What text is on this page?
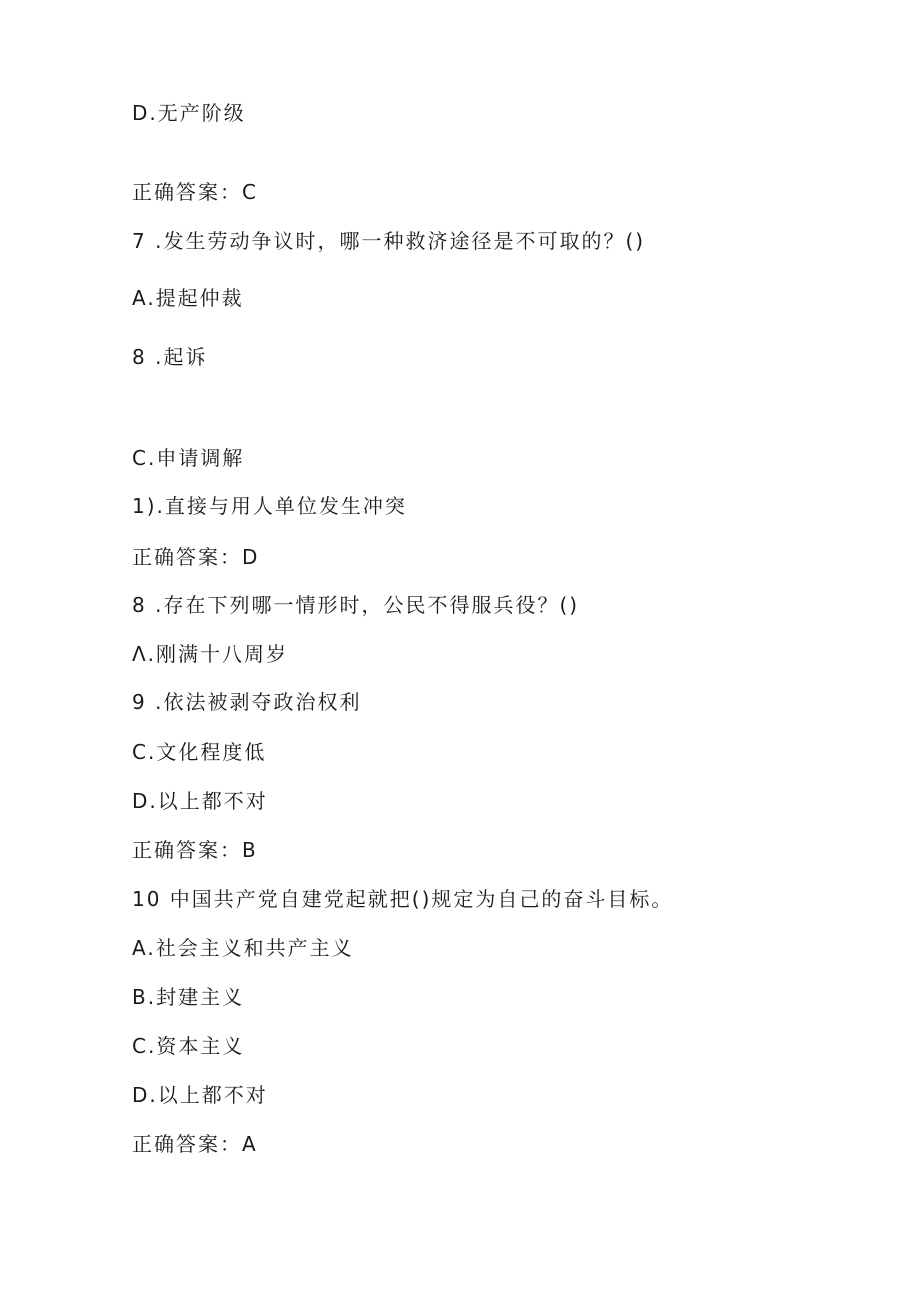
D.无产阶级
正确答案：C
7 .发生劳动争议时，哪一种救济途径是不可取的？()
A.提起仲裁
8 .起诉
C.申请调解
1).直接与用人单位发生冲突
正确答案：D
8 .存在下列哪一情形时，公民不得服兵役？()
Λ.刚满十八周岁
9 .依法被剥夺政治权利
C.文化程度低
D.以上都不对
正确答案：B
10 中国共产党自建党起就把()规定为自己的奋斗目标。
A.社会主义和共产主义
B.封建主义
C.资本主义
D.以上都不对
正确答案：A
